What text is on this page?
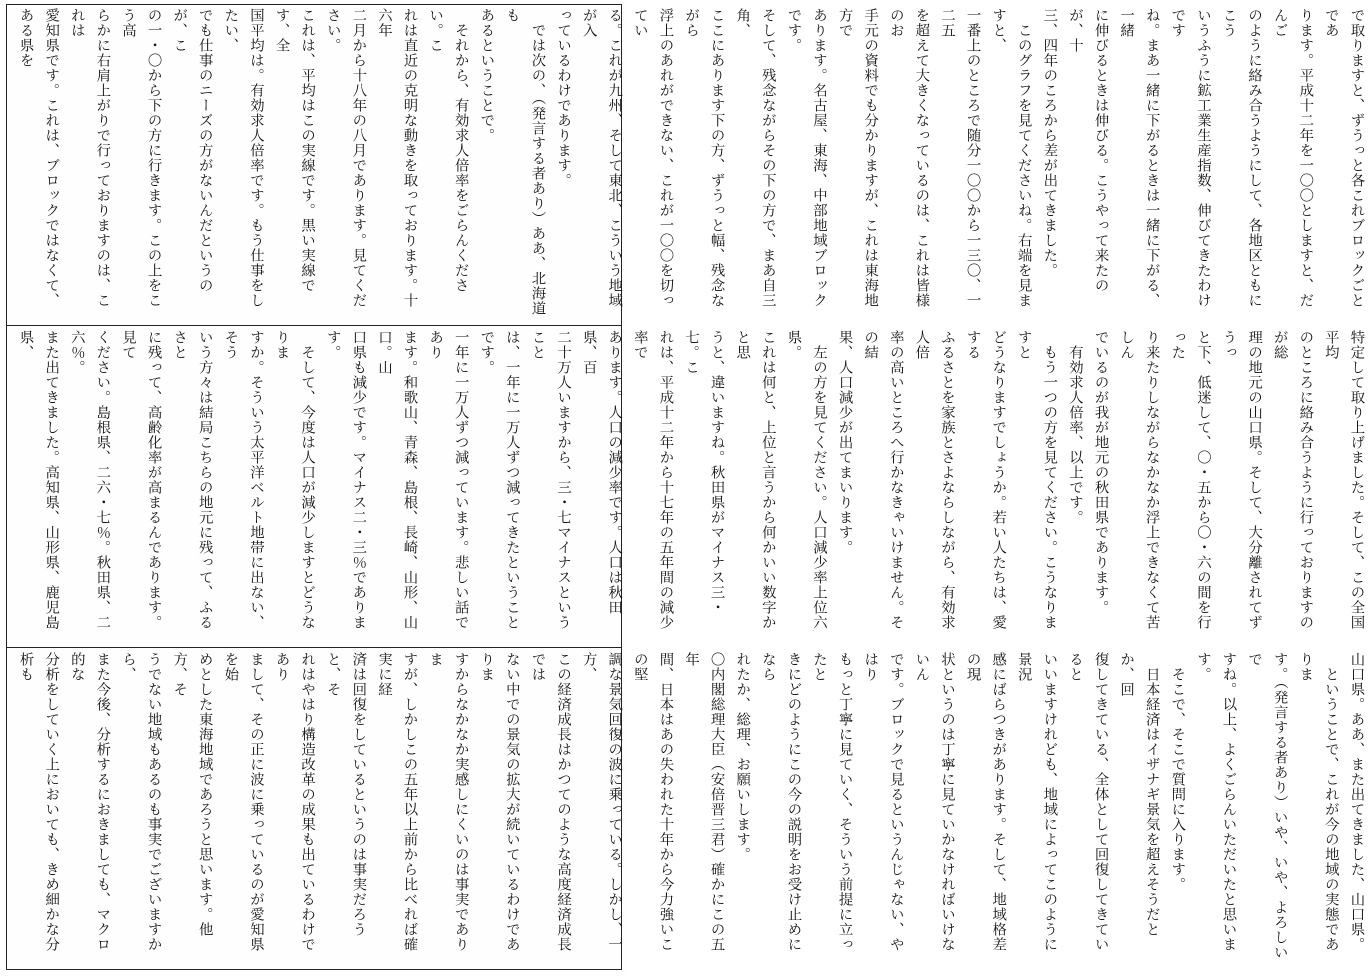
で取りますと、ずうっと各これブロックごとであ
ります。平成十二年を一〇〇としますと、だんご
のように絡み合うようにして、各地区ともにこう
いうふうに鉱工業生産指数、伸びてきたわけです
ね。まあ一緒に下がるときは一緒に下がる、一緒
に伸びるときは伸びる。こうやって来たのが、十
三、四年のころから差が出てきました。
　このグラフを見てくださいね。右端を見ますと、
一番上のところで随分一〇〇から一三〇、一二五
を超えて大きくなっているのは、これは皆様のお
手元の資料でも分かりますが、これは東海地方で
あります。名古屋、東海、中部地域ブロックです。
そして、残念ながらその下の方で、まあ自三角、
ここにあります下の方、ずうっと幅、残念ながら
浮上のあれができない、これが一〇〇を切ってい
る。これが九州、そして東北、こういう地域が入
っているわけであります。
　では次の、（発言する者あり）ああ、北海道も
あるということで。
　それから、有効求人倍率をごらんください。こ
れは直近の克明な動きを取っております。十六年
二月から十八年の八月であります。見てください。
これは、平均はこの実線です。黒い実線です、全
国平均は。有効求人倍率です。もう仕事をしたい、
でも仕事のニーズの方がないんだというのが、こ
の一・〇から下の方に行きます。この上をこう高
らかに右肩上がりで行っておりますのは、これは
愛知県です。これは、ブロックではなくて、ある県を
特定して取り上げました。そして、この全国平均
のところに絡み合うように行っておりますのが総
理の地元の山口県。そして、大分離されてずうっ
と下、低迷して、〇・五から〇・六の間を行った
り来たりしながらなかなか浮上できなくて苦しん
でいるのが我が地元の秋田県であります。
　有効求人倍率、以上です。
　もう一つの方を見てください。こうなりますと
どうなりますでしょうか。若い人たちは、愛する
ふるさとを家族とさよならしながら、有効求人倍
率の高いところへ行かなきゃいけません。その結
果、人口減少が出てまいります。
　左の方を見てください。人口減少率上位六県。
これは何と、上位と言うから何かいい数字かと思
うと、違いますね。秋田県がマイナス三・七。こ
れは、平成十二年から十七年の五年間の減少率で
あります。人口の減少率です。人口は秋田県、百
二十万人いますから、三・七マイナスということ
は、一年に一万人ずつ減ってきたということです。
一年に一万人ずつ減っています。悲しい話であり
ます。和歌山、青森、島根、長崎、山形、山口。山
口県も減少です。マイナス二・三％であります。
　そして、今度は人口が減少しますとどうなりま
すか。そういう太平洋ベルト地帯に出ない、そう
いう方々は結局こちらの地元に残って、ふるさと
に残って、高齢化率が高まるんであります。見て
ください。島根県、二六・七％。秋田県、二六％。
また出てきました。高知県、山形県、鹿児島県、
山口県。ああ、また出てきました、山口県。
　ということで、これが今の地域の実態でありま
す。（発言する者あり）いや、いや、よろしいで
すね。以上、よくごらんいただいたと思います。
　そこで、そこで質問に入ります。
　日本経済はイザナギ景気を超えそうだとか、回
復してきている、全体として回復してきていると
いいますけれども、地域によってこのように景況
感にばらつきがあります。そして、地域格差の現
状というのは丁寧に見ていかなければいけないん
です。ブロックで見るというんじゃない、やはり
もっと丁寧に見ていく、そういう前提に立ったと
きにどのようにこの今の説明をお受け止めになら
れたか、総理、お願いします。
〇内閣総理大臣（安倍晋三君）確かにこの五年
間、日本はあの失われた十年から今力強いこの堅
調な景気回復の波に乗っている。しかし、一方、
この経済成長はかつてのような高度経済成長では
ない中での景気の拡大が続いているわけでありま
すからなかなか実感しにくいのは事実でありま
すが、しかしこの五年以上前から比べれば確実に経
済は回復をしているというのは事実だろうと、そ
れはやはり構造改革の成果も出ているわけであり
まして、その正に波に乗っているのが愛知県を始
めとした東海地域であろうと思います。他方、そ
うでない地域もあるのも事実でございますから、
また今後、分析するにおきましても、マクロ的な
分析をしていく上においても、きめ細かな分析も
